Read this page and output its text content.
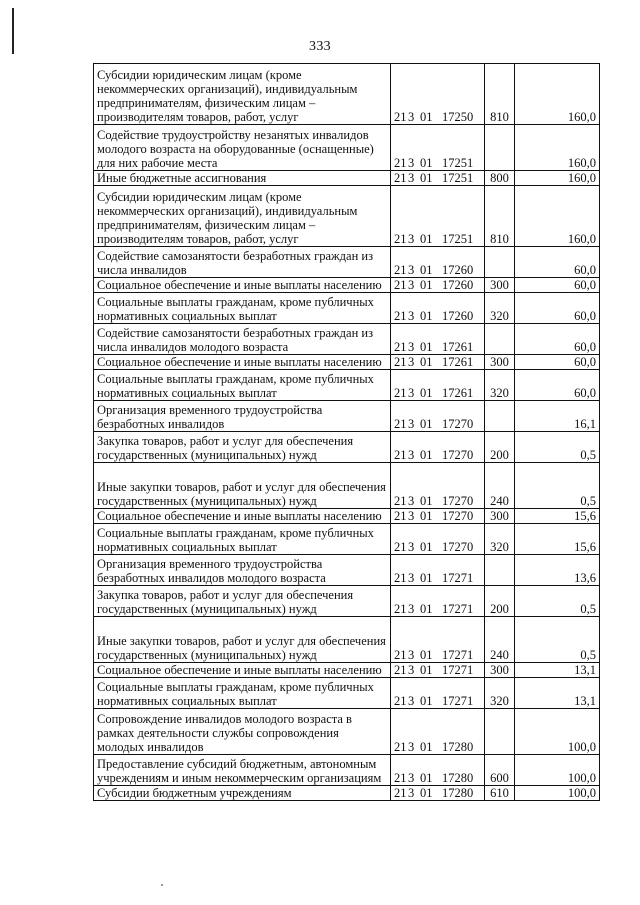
333
Субсидии юридическим лицам (кроме некоммерческих организаций), индивидуальным предпринимателям, физическим лицам – производителям товаров, работ, услуг	21 3 01 17250	810	160,0
Содействие трудоустройству незанятых инвалидов молодого возраста на оборудованные (оснащенные) для них рабочие места	21 3 01 17251		160,0
Иные бюджетные ассигнования	21 3 01 17251	800	160,0
Субсидии юридическим лицам (кроме некоммерческих организаций), индивидуальным предпринимателям, физическим лицам – производителям товаров, работ, услуг	21 3 01 17251	810	160,0
Содействие самозанятости безработных граждан из числа инвалидов	21 3 01 17260		60,0
Социальное обеспечение и иные выплаты населению	21 3 01 17260	300	60,0
Социальные выплаты гражданам, кроме публичных нормативных социальных выплат	21 3 01 17260	320	60,0
Содействие самозанятости безработных граждан из числа инвалидов молодого возраста	21 3 01 17261		60,0
Социальное обеспечение и иные выплаты населению	21 3 01 17261	300	60,0
Социальные выплаты гражданам, кроме публичных нормативных социальных выплат	21 3 01 17261	320	60,0
Организация временного трудоустройства безработных инвалидов	21 3 01 17270		16,1
Закупка товаров, работ и услуг для обеспечения государственных (муниципальных) нужд	21 3 01 17270	200	0,5
Иные закупки товаров, работ и услуг для обеспечения государственных (муниципальных) нужд	21 3 01 17270	240	0,5
Социальное обеспечение и иные выплаты населению	21 3 01 17270	300	15,6
Социальные выплаты гражданам, кроме публичных нормативных социальных выплат	21 3 01 17270	320	15,6
Организация временного трудоустройства безработных инвалидов молодого возраста	21 3 01 17271		13,6
Закупка товаров, работ и услуг для обеспечения государственных (муниципальных) нужд	21 3 01 17271	200	0,5
Иные закупки товаров, работ и услуг для обеспечения государственных (муниципальных) нужд	21 3 01 17271	240	0,5
Социальное обеспечение и иные выплаты населению	21 3 01 17271	300	13,1
Социальные выплаты гражданам, кроме публичных нормативных социальных выплат	21 3 01 17271	320	13,1
Сопровождение инвалидов молодого возраста в рамках деятельности службы сопровождения молодых инвалидов	21 3 01 17280		100,0
Предоставление субсидий бюджетным, автономным учреждениям и иным некоммерческим организациям	21 3 01 17280	600	100,0
Субсидии бюджетным учреждениям	21 3 01 17280	610	100,0
